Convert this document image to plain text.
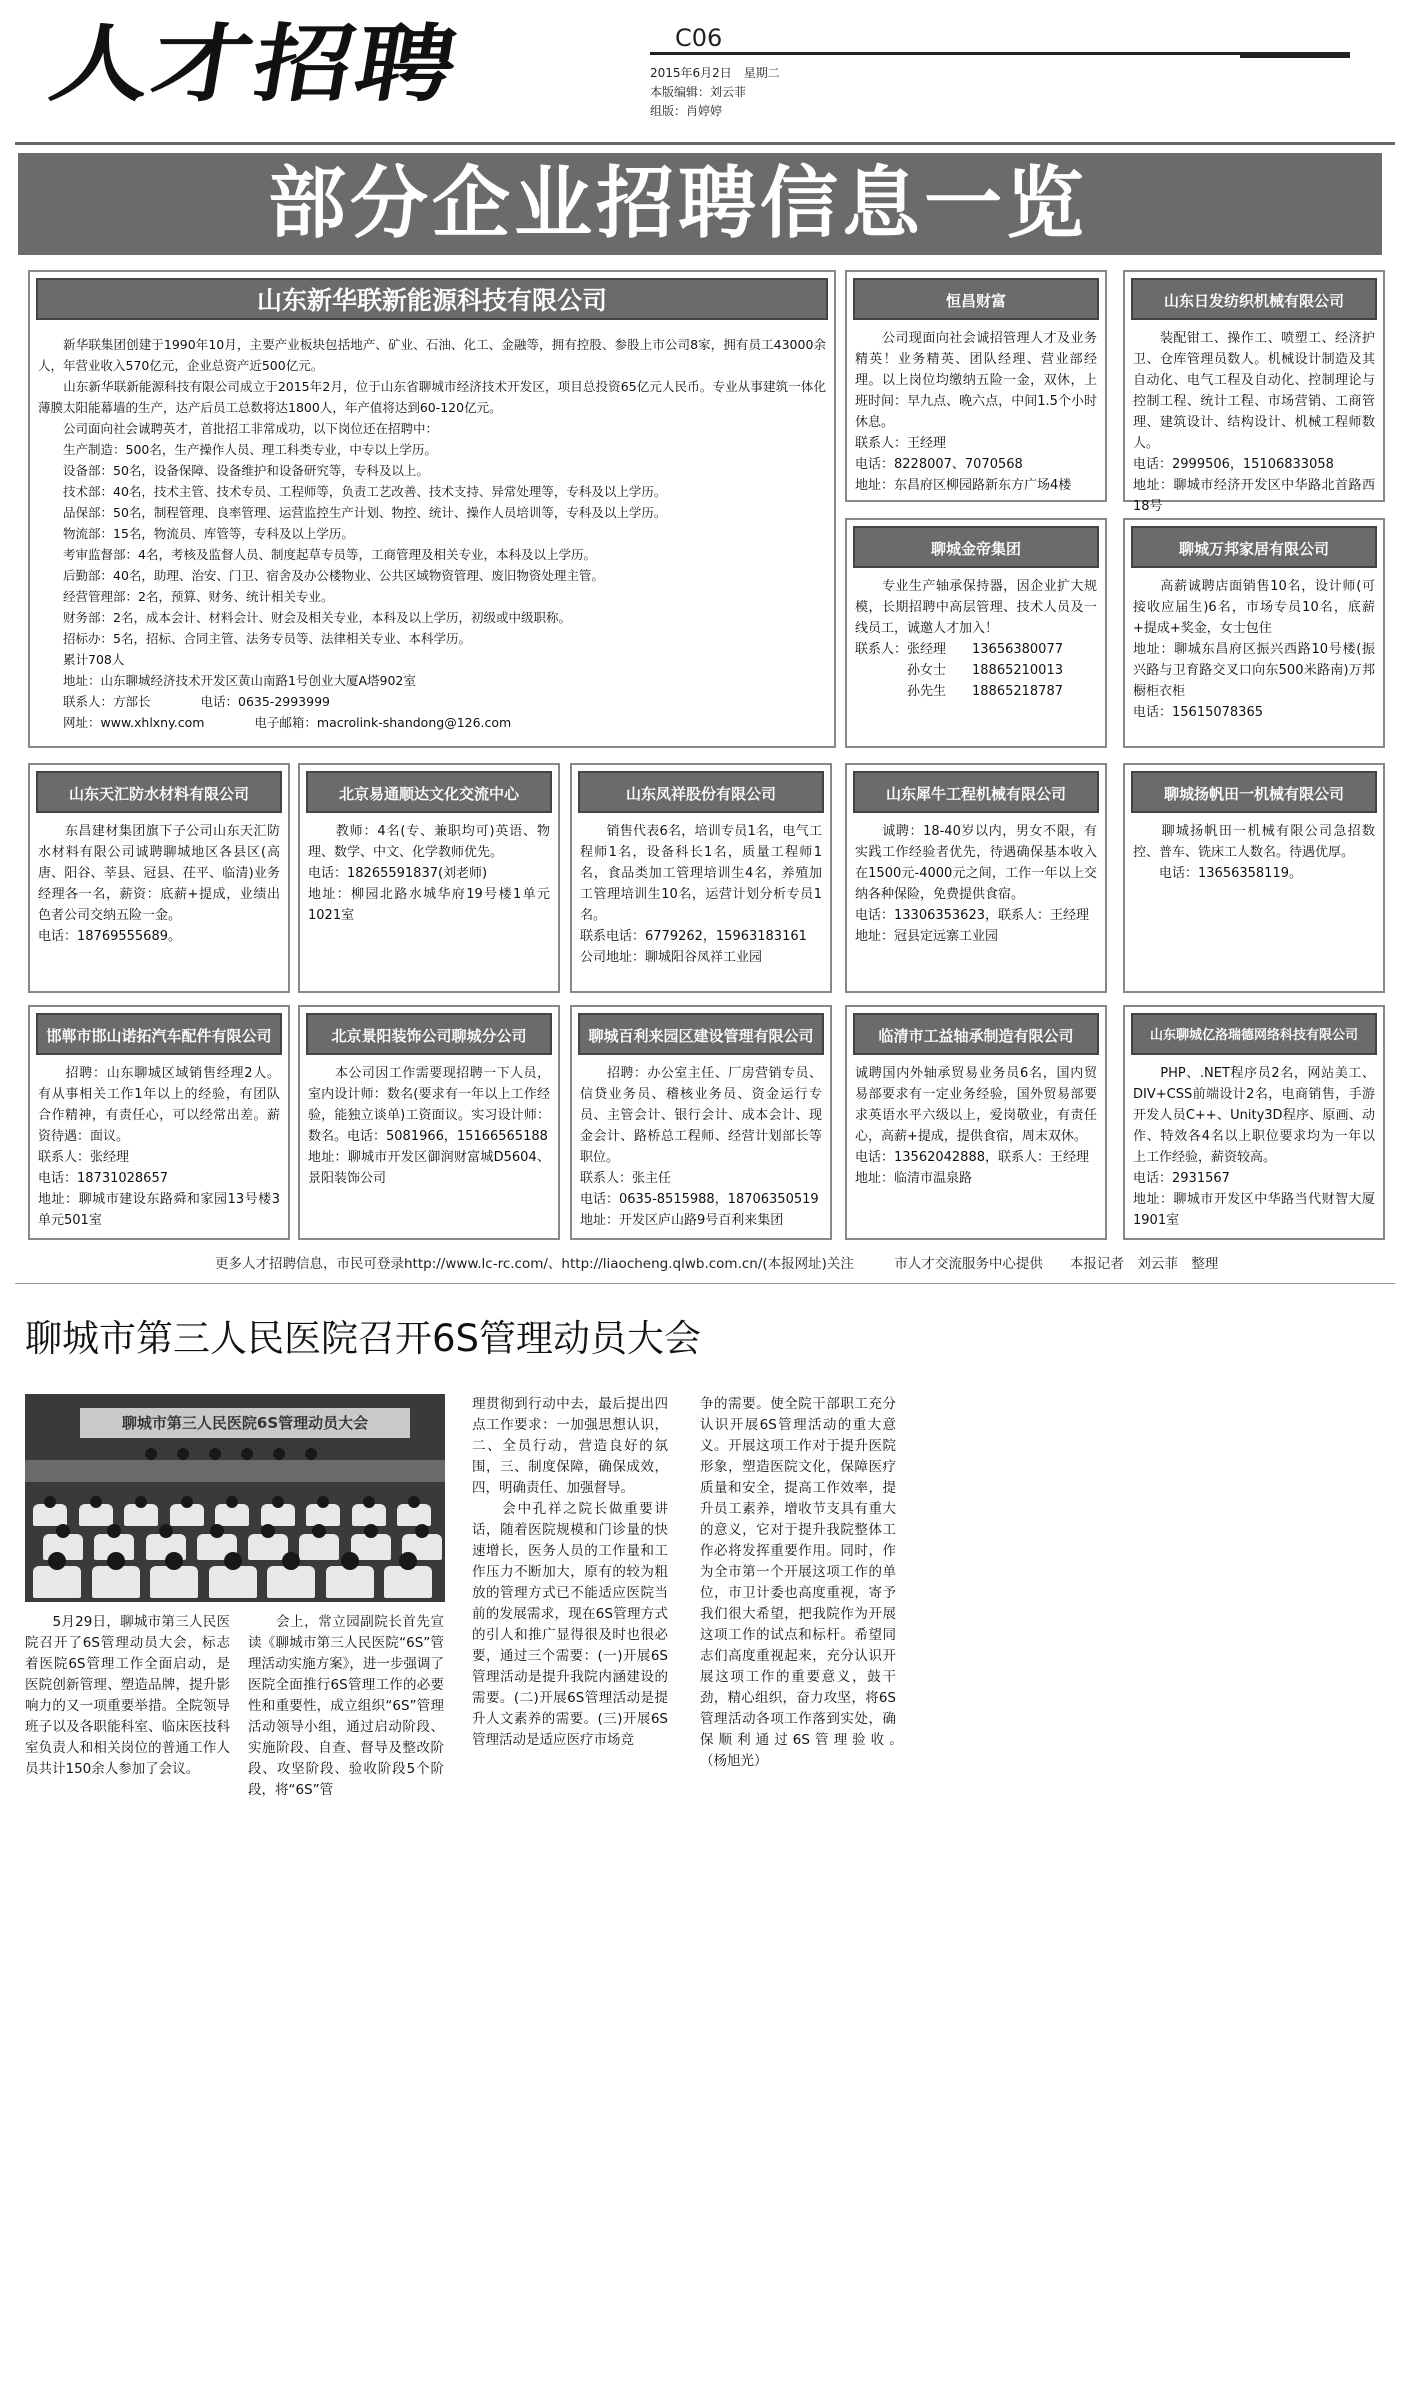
人才招聘	C06
2015年6月2日　星期二
本版编辑：刘云菲
组版：肖婷婷
部分企业招聘信息一览
山东新华联新能源科技有限公司
　　新华联集团创建于1990年10月，主要产业板块包括地产、矿业、石油、化工、金融等，拥有控股、参股上市公司8家，拥有员工43000余人，年营业收入570亿元，企业总资产近500亿元。
　　山东新华联新能源科技有限公司成立于2015年2月，位于山东省聊城市经济技术开发区，项目总投资65亿元人民币。专业从事建筑一体化薄膜太阳能幕墙的生产，达产后员工总数将达1800人，年产值将达到60-120亿元。
　　公司面向社会诚聘英才，首批招工非常成功，以下岗位还在招聘中：
　　生产制造：500名，生产操作人员、理工科类专业，中专以上学历。
　　设备部：50名，设备保障、设备维护和设备研究等，专科及以上。
　　技术部：40名，技术主管、技术专员、工程师等，负责工艺改善、技术支持、异常处理等，专科及以上学历。
　　品保部：50名，制程管理、良率管理、运营监控生产计划、物控、统计、操作人员培训等，专科及以上学历。
　　物流部：15名，物流员、库管等，专科及以上学历。
　　考审监督部：4名，考核及监督人员、制度起草专员等，工商管理及相关专业，本科及以上学历。
　　后勤部：40名，助理、治安、门卫、宿舍及办公楼物业、公共区域物资管理、废旧物资处理主管。
　　经营管理部：2名，预算、财务、统计相关专业。
　　财务部：2名，成本会计、材料会计、财会及相关专业，本科及以上学历，初级或中级职称。
　　招标办：5名，招标、合同主管、法务专员等、法律相关专业、本科学历。
　　累计708人
　　地址：山东聊城经济技术开发区黄山南路1号创业大厦A塔902室
　　联系人：方部长　　　　电话：0635-2993999
　　网址：www.xhlxny.com　　　　电子邮箱：macrolink-shandong@126.com
恒昌财富
　　公司现面向社会诚招管理人才及业务精英！业务精英、团队经理、营业部经理。以上岗位均缴纳五险一金，双休，上班时间：早九点、晚六点，中间1.5个小时休息。
联系人：王经理
电话：8228007、7070568
地址：东昌府区柳园路新东方广场4楼
山东日发纺织机械有限公司
　　装配钳工、操作工、喷塑工、经济护卫、仓库管理员数人。机械设计制造及其自动化、电气工程及自动化、控制理论与控制工程、统计工程、市场营销、工商管理、建筑设计、结构设计、机械工程师数人。
电话：2999506，15106833058
地址：聊城市经济开发区中华路北首路西18号
聊城金帝集团
　　专业生产轴承保持器，因企业扩大规模，长期招聘中高层管理、技术人员及一线员工，诚邀人才加入！
联系人：张经理　　13656380077
　　　　孙女士　　18865210013
　　　　孙先生　　18865218787
聊城万邦家居有限公司
　　高薪诚聘店面销售10名，设计师(可接收应届生)6名，市场专员10名，底薪+提成+奖金，女士包住
地址：聊城东昌府区振兴西路10号楼(振兴路与卫育路交叉口向东500米路南)万邦橱柜衣柜
电话：15615078365
山东天汇防水材料有限公司
　　东昌建材集团旗下子公司山东天汇防水材料有限公司诚聘聊城地区各县区(高唐、阳谷、莘县、冠县、茌平、临清)业务经理各一名，薪资：底薪+提成，业绩出色者公司交纳五险一金。
电话：18769555689。
北京易通顺达文化交流中心
　　教师：4名(专、兼职均可)英语、物理、数学、中文、化学教师优先。
电话：18265591837(刘老师)
地址：柳园北路水城华府19号楼1单元1021室
山东凤祥股份有限公司
　　销售代表6名，培训专员1名，电气工程师1名，设备科长1名，质量工程师1名，食品类加工管理培训生4名，养殖加工管理培训生10名，运营计划分析专员1名。
联系电话：6779262，15963183161
公司地址：聊城阳谷凤祥工业园
山东犀牛工程机械有限公司
　　诚聘：18-40岁以内，男女不限，有实践工作经验者优先，待遇确保基本收入在1500元-4000元之间，工作一年以上交纳各种保险，免费提供食宿。
电话：13306353623，联系人：王经理
地址：冠县定远寨工业园
聊城扬帆田一机械有限公司
　　聊城扬帆田一机械有限公司急招数控、普车、铣床工人数名。待遇优厚。
　　电话：13656358119。
邯郸市邯山诺拓汽车配件有限公司
　　招聘：山东聊城区域销售经理2人。有从事相关工作1年以上的经验，有团队合作精神，有责任心，可以经常出差。薪资待遇：面议。
联系人：张经理
电话：18731028657
地址：聊城市建设东路舜和家园13号楼3单元501室
北京景阳装饰公司聊城分公司
　　本公司因工作需要现招聘一下人员，室内设计师：数名(要求有一年以上工作经验，能独立谈单)工资面议。实习设计师：数名。电话：5081966，15166565188
地址：聊城市开发区御润财富城D5604、景阳装饰公司
聊城百利来园区建设管理有限公司
　　招聘：办公室主任、厂房营销专员、信贷业务员、稽核业务员、资金运行专员、主管会计、银行会计、成本会计、现金会计、路桥总工程师、经营计划部长等职位。
联系人：张主任
电话：0635-8515988，18706350519
地址：开发区庐山路9号百利来集团
临清市工益轴承制造有限公司
诚聘国内外轴承贸易业务员6名，国内贸易部要求有一定业务经验，国外贸易部要求英语水平六级以上，爱岗敬业，有责任心，高薪+提成，提供食宿，周末双休。
电话：13562042888，联系人：王经理
地址：临清市温泉路
山东聊城亿洛瑞德网络科技有限公司
　　PHP、.NET程序员2名，网站美工、DIV+CSS前端设计2名，电商销售，手游开发人员C++、Unity3D程序、原画、动作、特效各4名以上职位要求均为一年以上工作经验，薪资较高。
电话：2931567
地址：聊城市开发区中华路当代财智大厦1901室
更多人才招聘信息，市民可登录http://www.lc-rc.com/、http://liaocheng.qlwb.com.cn/(本报网址)关注　　　市人才交流服务中心提供　　本报记者　刘云菲　整理
聊城市第三人民医院召开6S管理动员大会
聊城市第三人民医院6S管理动员大会
　　5月29日，聊城市第三人民医院召开了6S管理动员大会，标志着医院6S管理工作全面启动，是医院创新管理、塑造品牌，提升影响力的又一项重要举措。全院领导班子以及各职能科室、临床医技科室负责人和相关岗位的普通工作人员共计150余人参加了会议。
　　会上，常立园副院长首先宣读《聊城市第三人民医院“6S”管理活动实施方案》，进一步强调了医院全面推行6S管理工作的必要性和重要性，成立组织“6S”管理活动领导小组，通过启动阶段、实施阶段、自查、督导及整改阶段、攻坚阶段、验收阶段5个阶段，将“6S”管
理贯彻到行动中去，最后提出四点工作要求：一加强思想认识，二、全员行动，营造良好的氛围，三、制度保障，确保成效，四，明确责任、加强督导。
　　会中孔祥之院长做重要讲话，随着医院规模和门诊量的快速增长，医务人员的工作量和工作压力不断加大，原有的较为粗放的管理方式已不能适应医院当前的发展需求，现在6S管理方式的引人和推广显得很及时也很必要，通过三个需要：(一)开展6S管理活动是提升我院内涵建设的需要。(二)开展6S管理活动是提升人文素养的需要。(三)开展6S管理活动是适应医疗市场竞
争的需要。使全院干部职工充分认识开展6S管理活动的重大意义。开展这项工作对于提升医院形象，塑造医院文化，保障医疗质量和安全，提高工作效率，提升员工素养，增收节支具有重大的意义，它对于提升我院整体工作必将发挥重要作用。同时，作为全市第一个开展这项工作的单位，市卫计委也高度重视，寄予我们很大希望，把我院作为开展这项工作的试点和标杆。希望同志们高度重视起来，充分认识开展这项工作的重要意义，鼓干劲，精心组织，奋力攻坚，将6S管理活动各项工作落到实处，确保顺利通过6S管理验收。　　　　（杨旭光）
